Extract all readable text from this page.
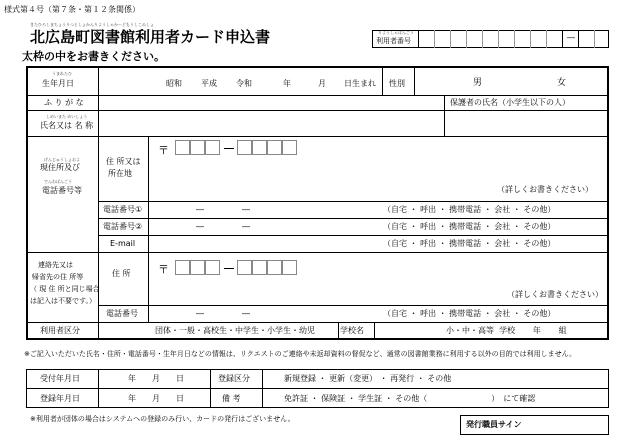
様式第４号（第７条・第１２条関係）
きたひろしまちょうりつとしょかんりようしゃかーどもうしこみしょ
北広島町図書館利用者カード申込書
太枠の中をお書きください。
りようしゃばんごう
利用者番号	―
うまれたひ
生年月日	昭和 平成 令和	年	月 日生まれ 性別	男	女
ふ り が な	保護者の氏名（小学生以下の人）
しめいまた めいしょう
氏名又は 名 称
げんじゅうしょおよ
現住所及び
でんわばんごう
電話番号等
住 所又は
所在地
〒
（詳しくお書きください）
電話番号①	―	―	（自宅 ・ 呼出 ・ 携帯電話 ・ 会社 ・ その他）
電話番号②	―	―	（自宅 ・ 呼出 ・ 携帯電話 ・ 会社 ・ その他）
E-mail	（自宅 ・ 呼出 ・ 携帯電話 ・ 会社 ・ その他）
連絡先又は
帰省先の住 所等
（ 現 住 所と同じ場合
は記入は不要です。）
住 所 〒
（詳しくお書きください）
電話番号	―	―	（自宅 ・ 呼出 ・ 携帯電話 ・ 会社 ・ その他）
利用者区分	団体・一般・高校生・中学生・小学生・幼児	学校名	小・中・高等  学校       年       組
※ご記入いただいた氏名・住所・電話番号・生年月日などの情報は、リクエストのご連絡や未返却資料の督促など、通常の図書館業務に利用する以外の目的では利用しません。
受付年月日	年　　月　　日	登録区分	新規登録 ・ 更新（変更） ・ 再発行 ・ その他
登録年月日	年　　月　　日	備 考	免許証 ・ 保険証 ・ 学生証 ・ その他（　　　　　　　　）　にて確認
※利用者が団体の場合はシステムへの登録のみ行い、カードの発行はございません。
発行職員サイン
